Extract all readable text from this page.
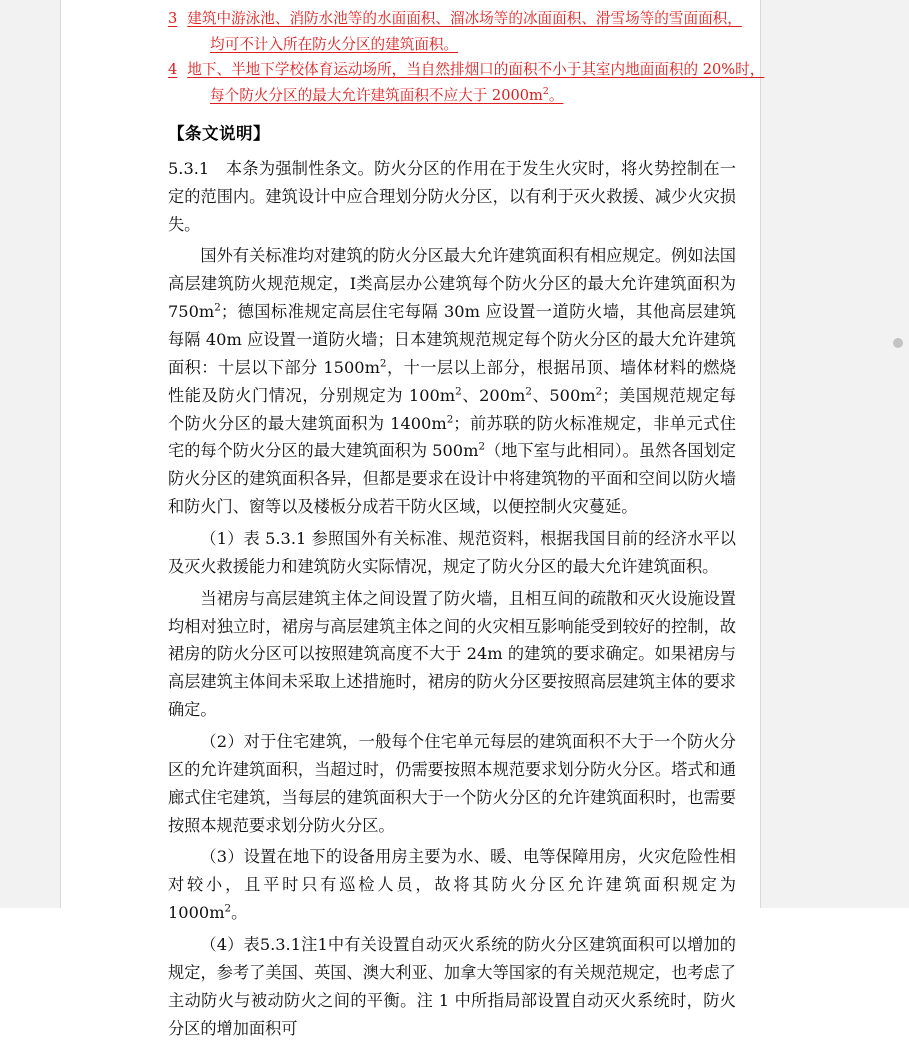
3 建筑中游泳池、消防水池等的水面面积、溜冰场等的冰面面积、滑雪场等的雪面面积，
均可不计入所在防火分区的建筑面积。
4 地下、半地下学校体育运动场所，当自然排烟口的面积不小于其室内地面面积的 20%时，
每个防火分区的最大允许建筑面积不应大于 $2000m^2$。
【条文说明】

5.3.1　本条为强制性条文。防火分区的作用在于发生火灾时，将火势控制在一定的范围内。建筑设计中应合理划分防火分区，以有利于灭火救援、减少火灾损失。

国外有关标准均对建筑的防火分区最大允许建筑面积有相应规定。例如法国高层建筑防火规范规定，Ⅰ类高层办公建筑每个防火分区的最大允许建筑面积为 $750m^2$；德国标准规定高层住宅每隔 30m 应设置一道防火墙，其他高层建筑每隔 40m 应设置一道防火墙；日本建筑规范规定每个防火分区的最大允许建筑面积：十层以下部分 $1500m^2$，十一层以上部分，根据吊顶、墙体材料的燃烧性能及防火门情况，分别规定为 $100m^2$、$200m^2$、$500m^2$；美国规范规定每个防火分区的最大建筑面积为 $1400m^2$；前苏联的防火标准规定，非单元式住宅的每个防火分区的最大建筑面积为 $500m^2$（地下室与此相同）。虽然各国划定防火分区的建筑面积各异，但都是要求在设计中将建筑物的平面和空间以防火墙和防火门、窗等以及楼板分成若干防火区域，以便控制火灾蔓延。

（1）表 5.3.1 参照国外有关标准、规范资料，根据我国目前的经济水平以及灭火救援能力和建筑防火实际情况，规定了防火分区的最大允许建筑面积。

当裙房与高层建筑主体之间设置了防火墙，且相互间的疏散和灭火设施设置均相对独立时，裙房与高层建筑主体之间的火灾相互影响能受到较好的控制，故裙房的防火分区可以按照建筑高度不大于 24m 的建筑的要求确定。如果裙房与高层建筑主体间未采取上述措施时，裙房的防火分区要按照高层建筑主体的要求确定。

（2）对于住宅建筑，一般每个住宅单元每层的建筑面积不大于一个防火分区的允许建筑面积，当超过时，仍需要按照本规范要求划分防火分区。塔式和通廊式住宅建筑，当每层的建筑面积大于一个防火分区的允许建筑面积时，也需要按照本规范要求划分防火分区。

（3）设置在地下的设备用房主要为水、暖、电等保障用房，火灾危险性相对较小，且平时只有巡检人员，故将其防火分区允许建筑面积规定为 $1000m^2$。

（4）表5.3.1注1中有关设置自动灭火系统的防火分区建筑面积可以增加的规定，参考了美国、英国、澳大利亚、加拿大等国家的有关规范规定，也考虑了主动防火与被动防火之间的平衡。注 1 中所指局部设置自动灭火系统时，防火分区的增加面积可
